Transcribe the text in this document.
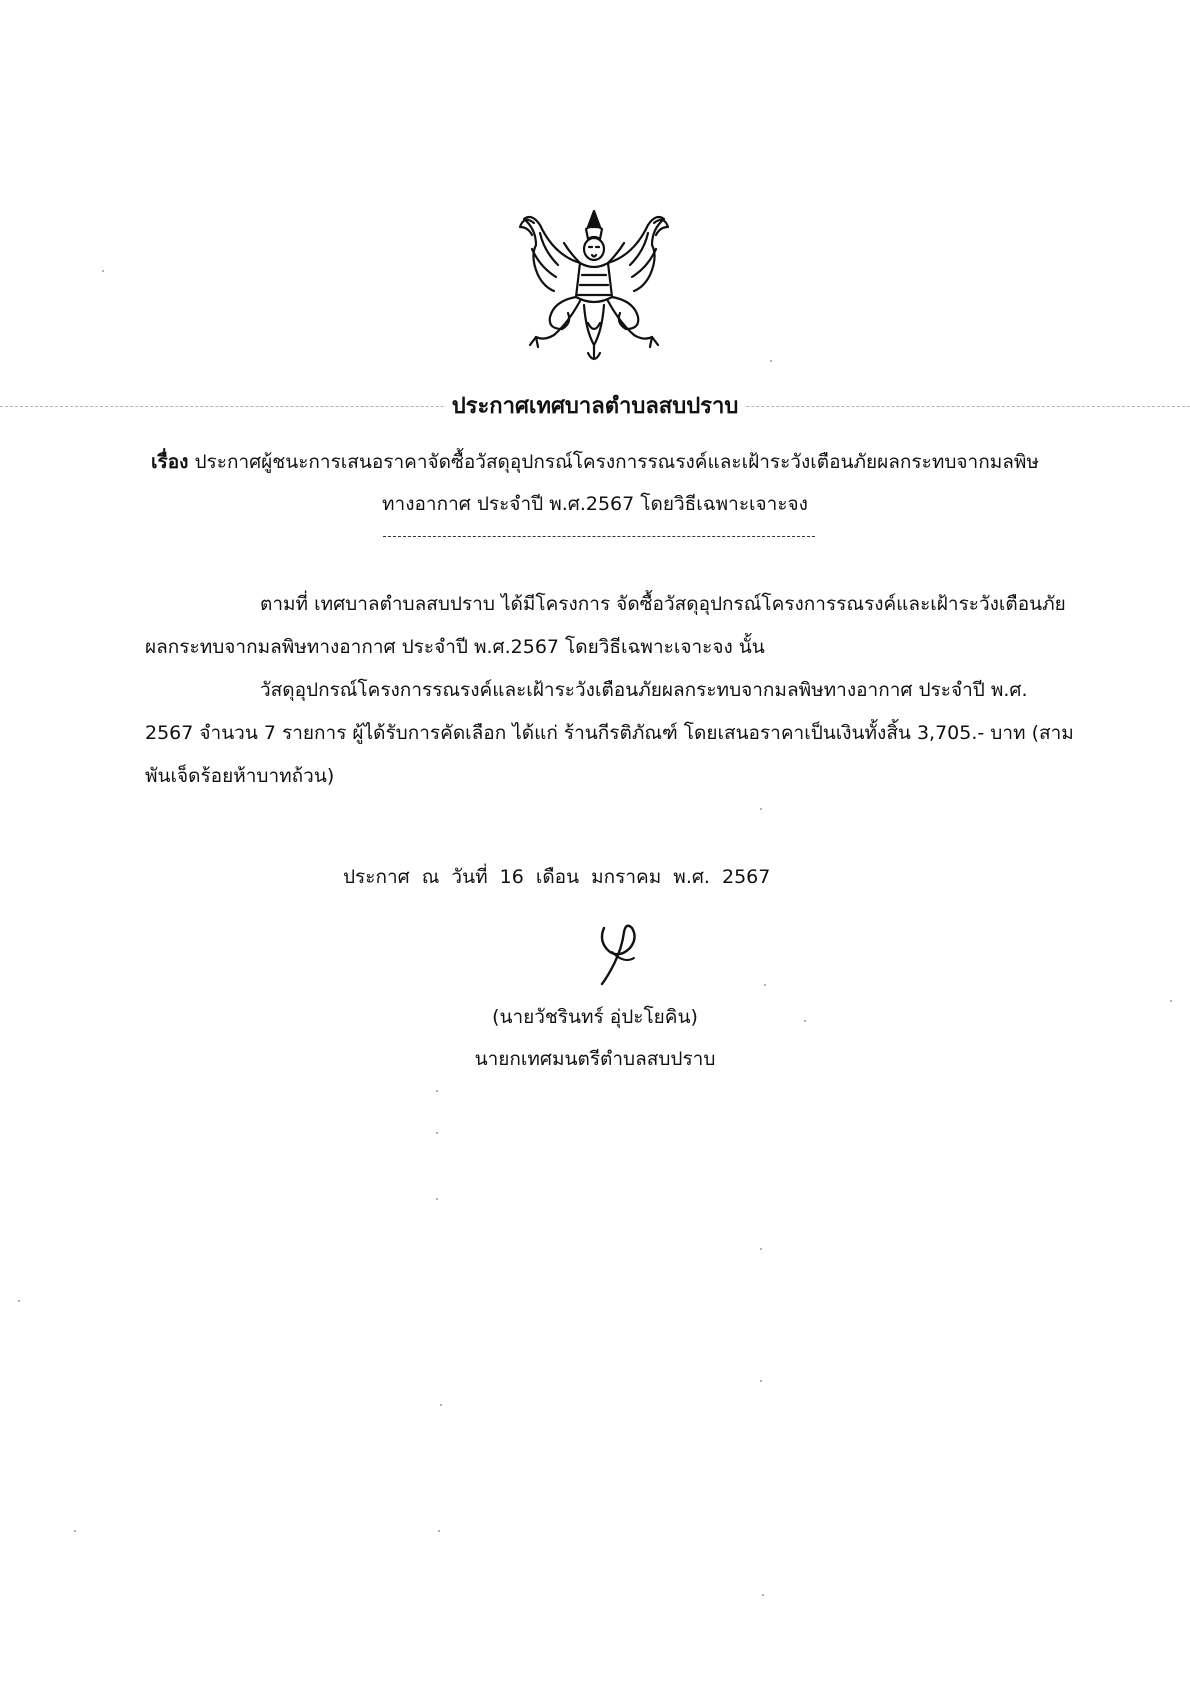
ประกาศเทศบาลตำบลสบปราบ
เรื่อง ประกาศผู้ชนะการเสนอราคาจัดซื้อวัสดุอุปกรณ์โครงการรณรงค์และเฝ้าระวังเตือนภัยผลกระทบจากมลพิษ
ทางอากาศ ประจำปี พ.ศ.2567 โดยวิธีเฉพาะเจาะจง
ตามที่ เทศบาลตำบลสบปราบ ได้มีโครงการ จัดซื้อวัสดุอุปกรณ์โครงการรณรงค์และเฝ้าระวังเตือนภัยผลกระทบจากมลพิษทางอากาศ ประจำปี พ.ศ.2567 โดยวิธีเฉพาะเจาะจง นั้น
วัสดุอุปกรณ์โครงการรณรงค์และเฝ้าระวังเตือนภัยผลกระทบจากมลพิษทางอากาศ ประจำปี พ.ศ. 2567 จำนวน 7 รายการ ผู้ได้รับการคัดเลือก ได้แก่ ร้านกีรติภัณฑ์ โดยเสนอราคาเป็นเงินทั้งสิ้น 3,705.- บาท (สามพันเจ็ดร้อยห้าบาทถ้วน)
ประกาศ ณ วันที่ 16 เดือน มกราคม พ.ศ. 2567
(นายวัชรินทร์ อุ่ปะโยคิน)
นายกเทศมนตรีตำบลสบปราบ
